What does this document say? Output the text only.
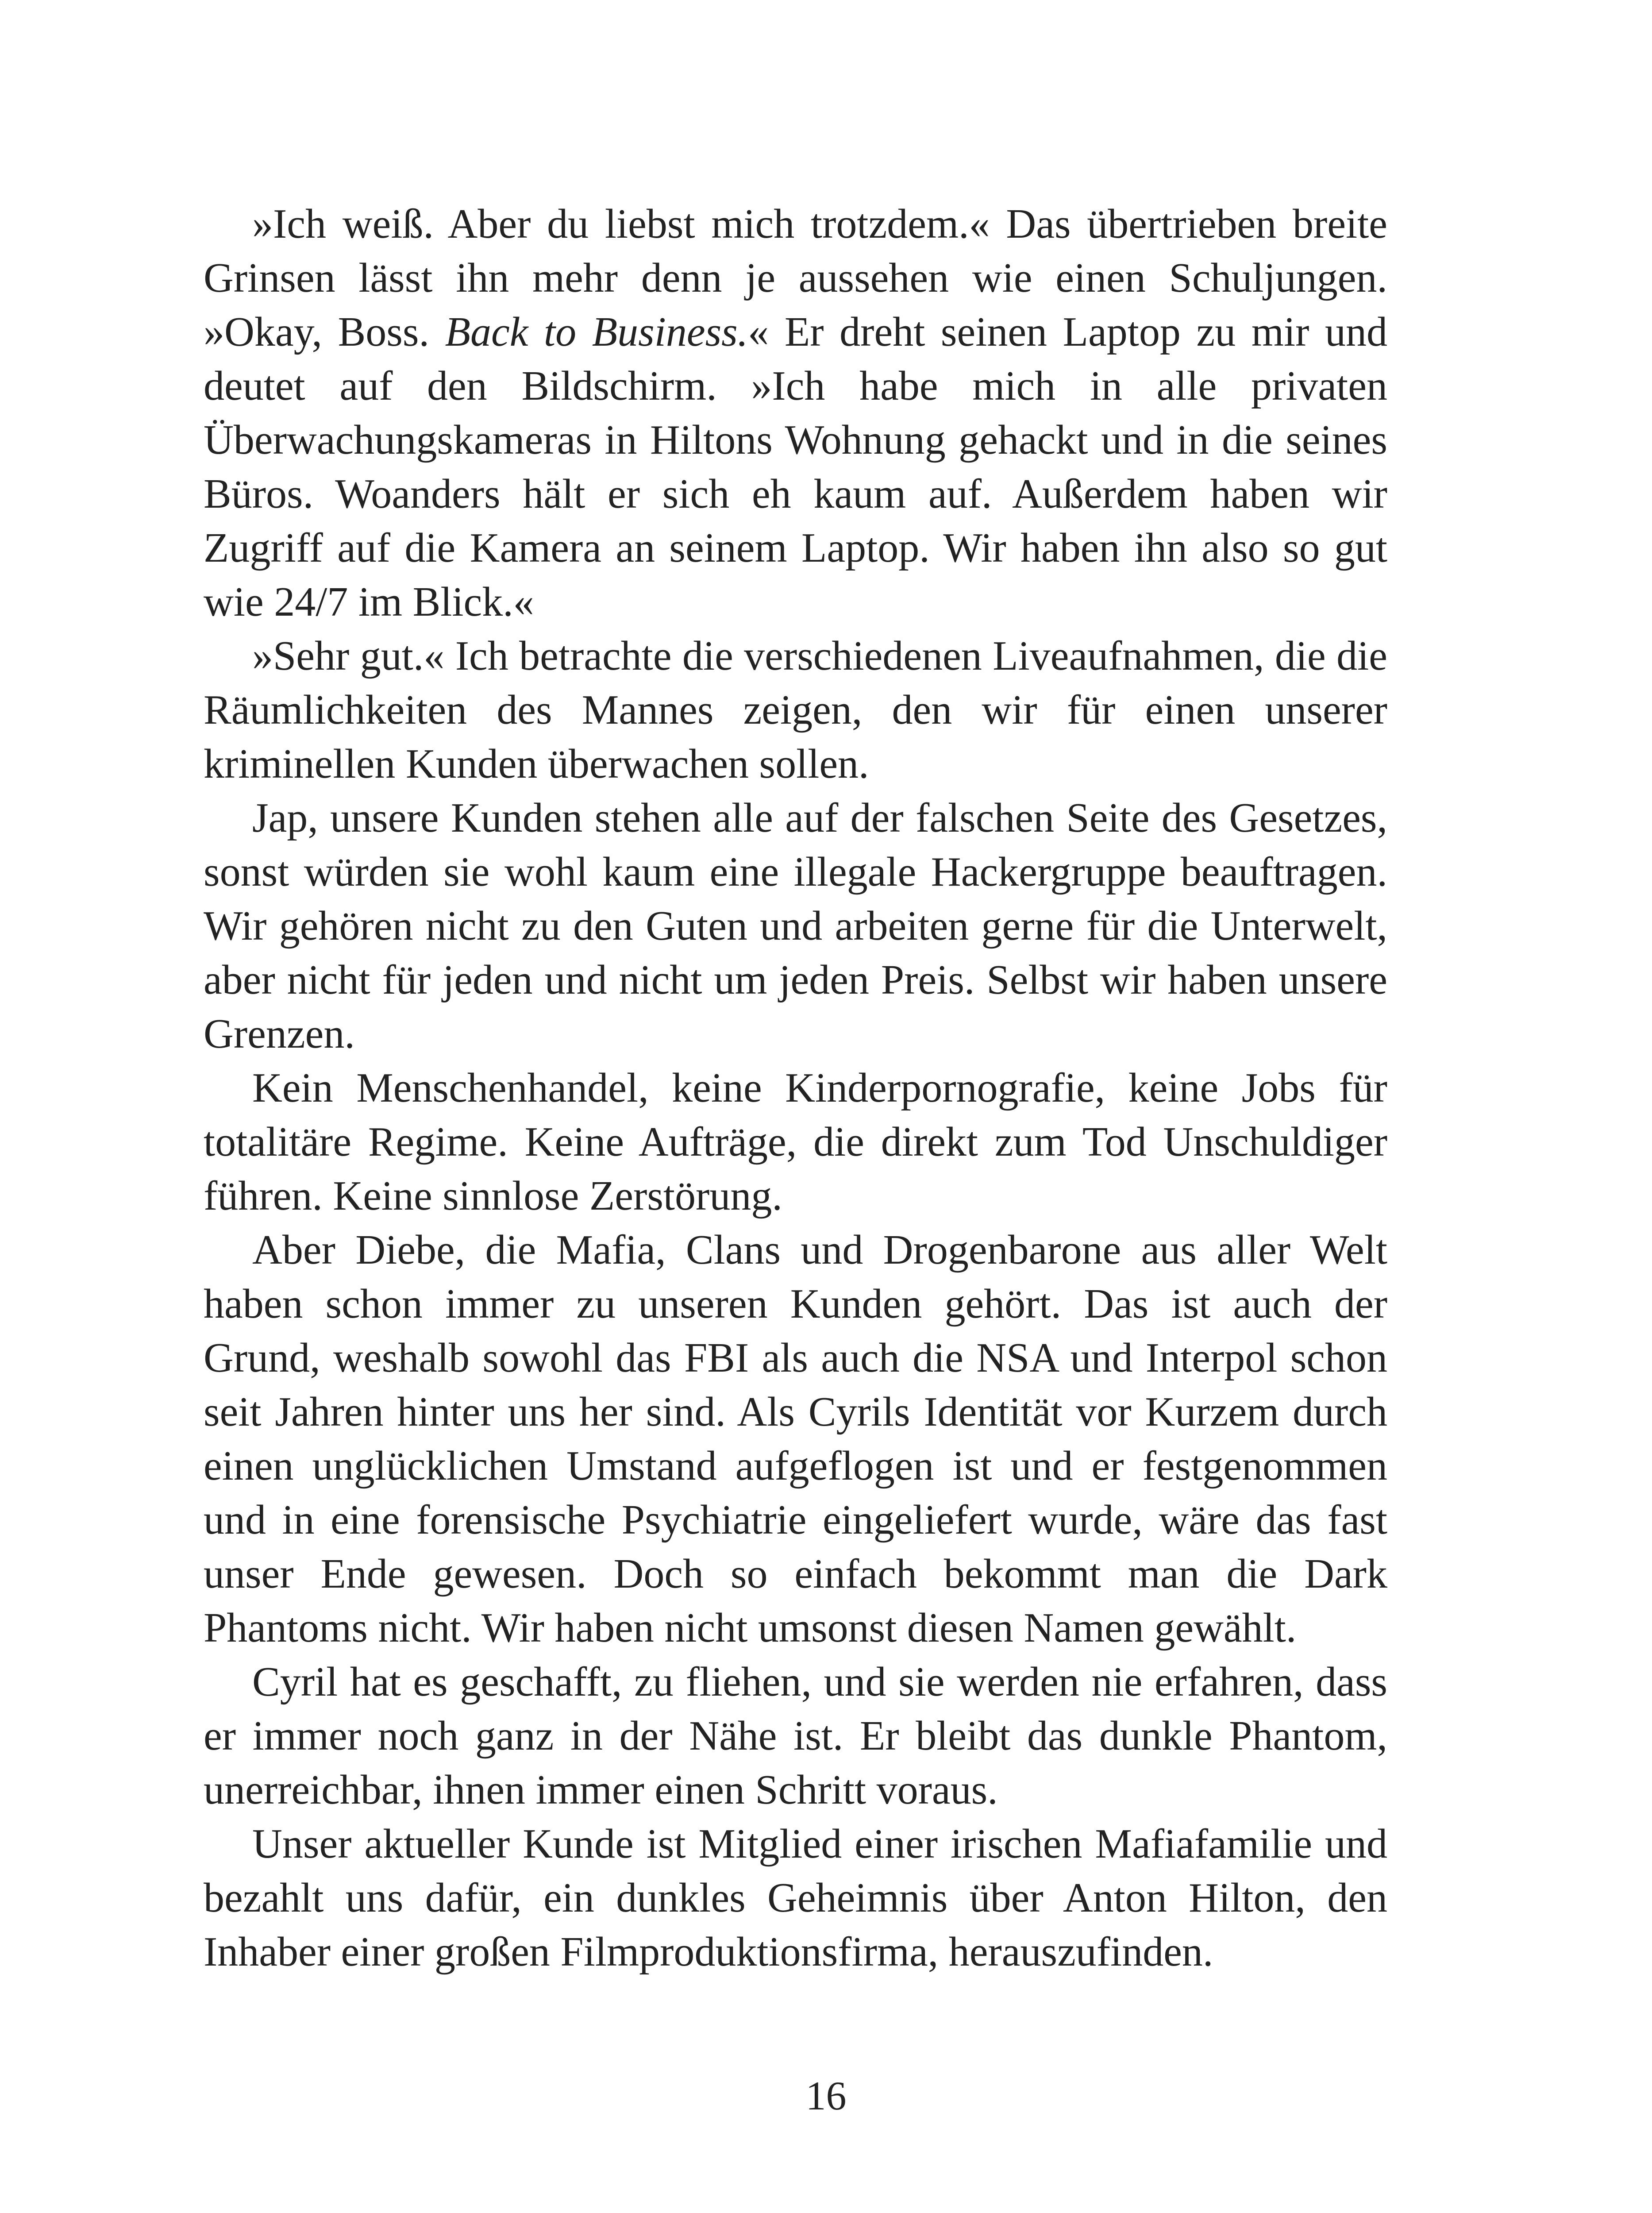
»Ich weiß. Aber du liebst mich trotzdem.« Das übertrieben breite Grinsen lässt ihn mehr denn je aussehen wie einen Schuljungen. »Okay, Boss. Back to Business.« Er dreht seinen Laptop zu mir und deutet auf den Bildschirm. »Ich habe mich in alle privaten Überwachungskameras in Hiltons Wohnung gehackt und in die seines Büros. Woanders hält er sich eh kaum auf. Außerdem haben wir Zugriff auf die Kamera an seinem Laptop. Wir haben ihn also so gut wie 24/7 im Blick.«

»Sehr gut.« Ich betrachte die verschiedenen Liveaufnahmen, die die Räumlichkeiten des Mannes zeigen, den wir für einen unserer kriminellen Kunden überwachen sollen.

Jap, unsere Kunden stehen alle auf der falschen Seite des Gesetzes, sonst würden sie wohl kaum eine illegale Hackergruppe beauftragen. Wir gehören nicht zu den Guten und arbeiten gerne für die Unterwelt, aber nicht für jeden und nicht um jeden Preis. Selbst wir haben unsere Grenzen.

Kein Menschenhandel, keine Kinderpornografie, keine Jobs für totalitäre Regime. Keine Aufträge, die direkt zum Tod Unschuldiger führen. Keine sinnlose Zerstörung.

Aber Diebe, die Mafia, Clans und Drogenbarone aus aller Welt haben schon immer zu unseren Kunden gehört. Das ist auch der Grund, weshalb sowohl das FBI als auch die NSA und Interpol schon seit Jahren hinter uns her sind. Als Cyrils Identität vor Kurzem durch einen unglücklichen Umstand aufgeflogen ist und er festgenommen und in eine forensische Psychiatrie eingeliefert wurde, wäre das fast unser Ende gewesen. Doch so einfach bekommt man die Dark Phantoms nicht. Wir haben nicht umsonst diesen Namen gewählt.

Cyril hat es geschafft, zu fliehen, und sie werden nie erfahren, dass er immer noch ganz in der Nähe ist. Er bleibt das dunkle Phantom, unerreichbar, ihnen immer einen Schritt voraus.

Unser aktueller Kunde ist Mitglied einer irischen Mafiafamilie und bezahlt uns dafür, ein dunkles Geheimnis über Anton Hilton, den Inhaber einer großen Filmproduktionsfirma, herauszufinden.

16
